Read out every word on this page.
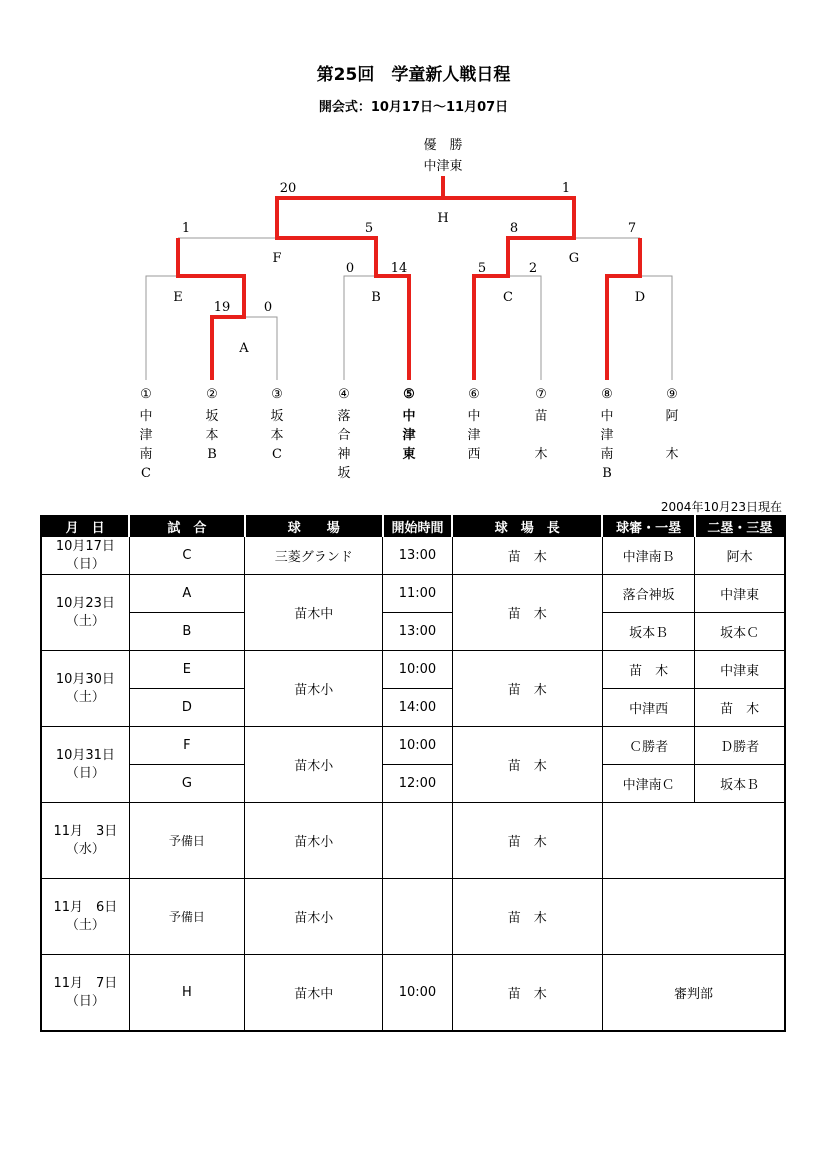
第25回　学童新人戦日程
開会式：10月17日～11月07日
優　勝
中津東
H
F	G
E	B	C	D
A
20	1
1	5	8	7
0	14	5	2
19	0
①
中
津
南
C
②
坂
本
B
③
坂
本
C
④
落
合
神
坂
⑤
中
津
東
⑥
中
津
西
⑦
苗
木
⑧
中
津
南
B
⑨
阿
木
2004年10月23日現在
月　日	試　合	球　　場	開始時間	球　場　長	球審・一塁	二塁・三塁

10月17日
（日）	C	三菱グランド	13:00	苗　木	中津南Ｂ	阿木

10月23日
（土）	A	苗木中	11:00	苗　木	落合神坂	中津東
	B		13:00		坂本Ｂ	坂本Ｃ

10月30日
（土）	E	苗木小	10:00	苗　木	苗　木	中津東
	D		14:00		中津西	苗　木

10月31日
（日）	F	苗木小	10:00	苗　木	Ｃ勝者	Ｄ勝者
	G		12:00		中津南Ｃ	坂本Ｂ

11月　3日
（水）	予備日	苗木小		苗　木		

11月　6日
（土）	予備日	苗木小		苗　木		

11月　7日
（日）	H	苗木中	10:00	苗　木	審判部	
